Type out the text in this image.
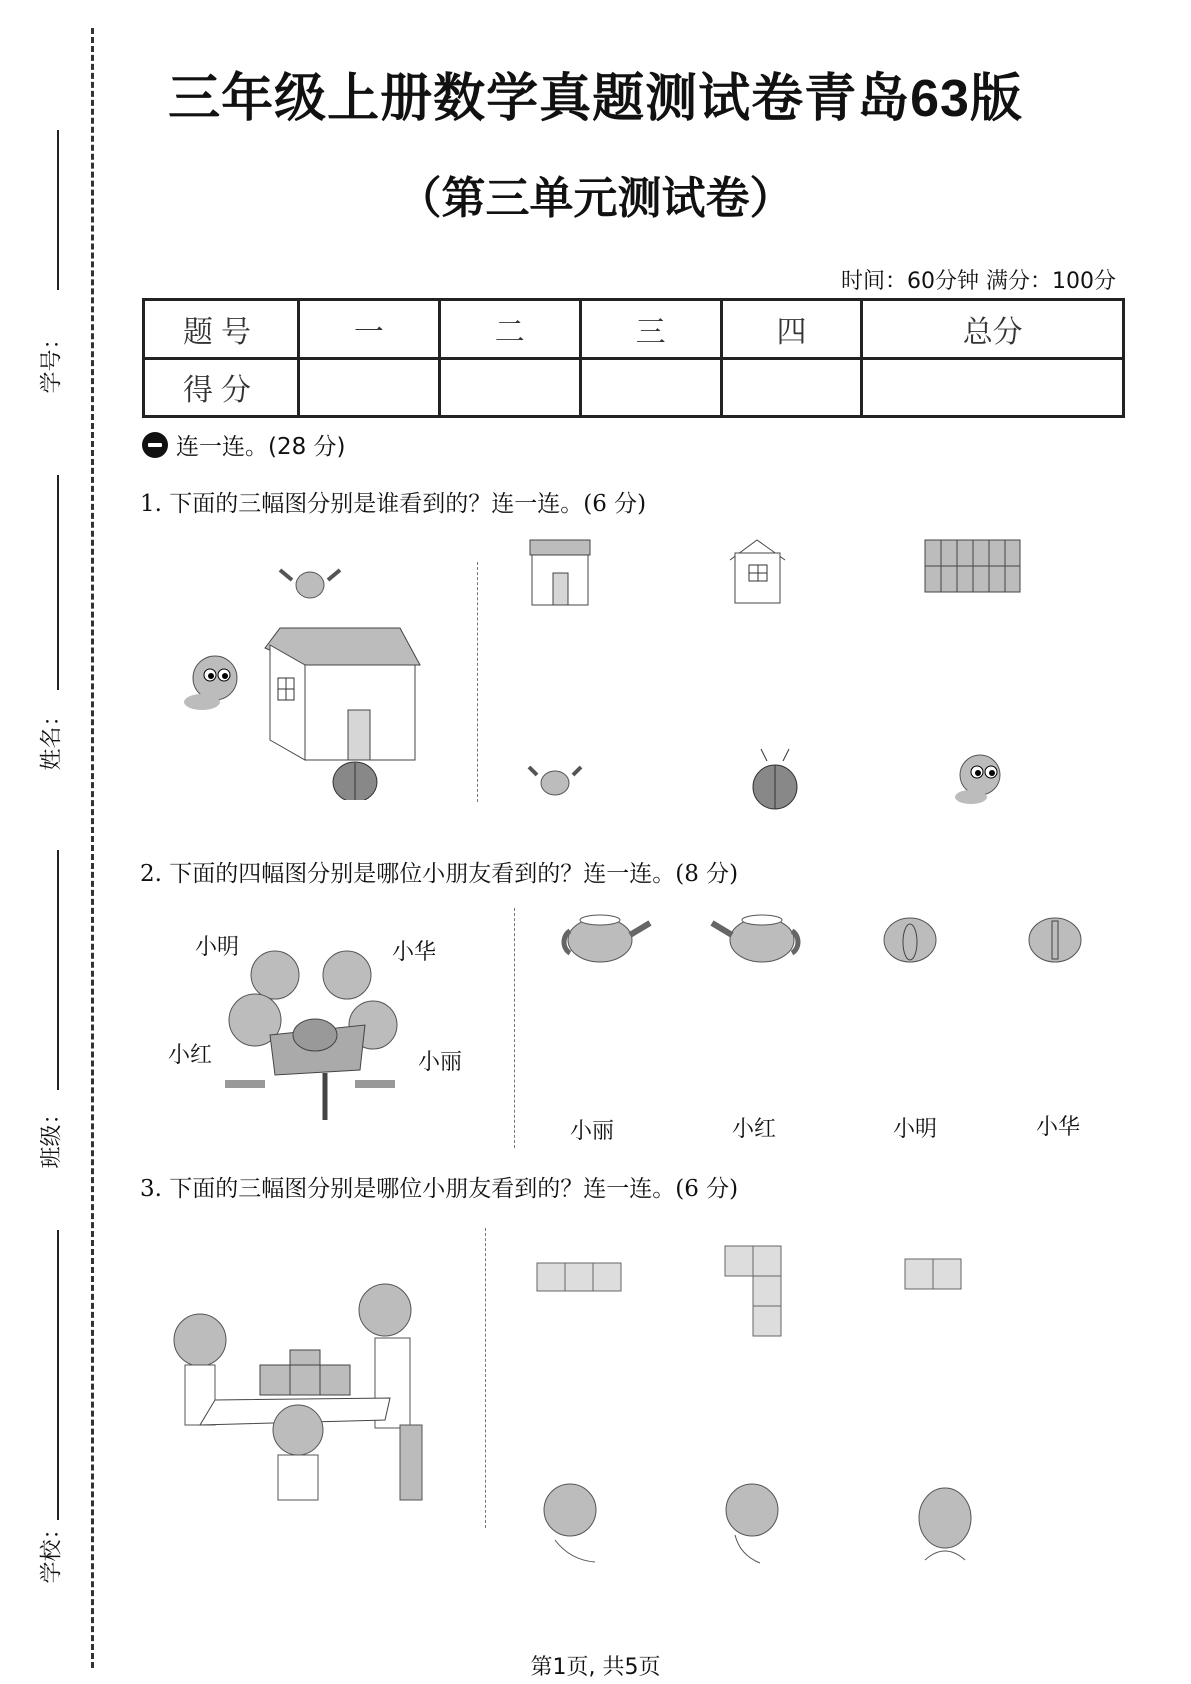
学号：
姓名：
班级：
学校：
三年级上册数学真题测试卷青岛63版
（第三单元测试卷）
时间：60分钟 满分：100分
题号	一	二	三	四	总分
得分					
连一连。(28 分)
1. 下面的三幅图分别是谁看到的？连一连。(6 分)
2. 下面的四幅图分别是哪位小朋友看到的？连一连。(8 分)
小明	小华
小红	小丽
小丽	小红	小明	小华
3. 下面的三幅图分别是哪位小朋友看到的？连一连。(6 分)
第1页, 共5页
